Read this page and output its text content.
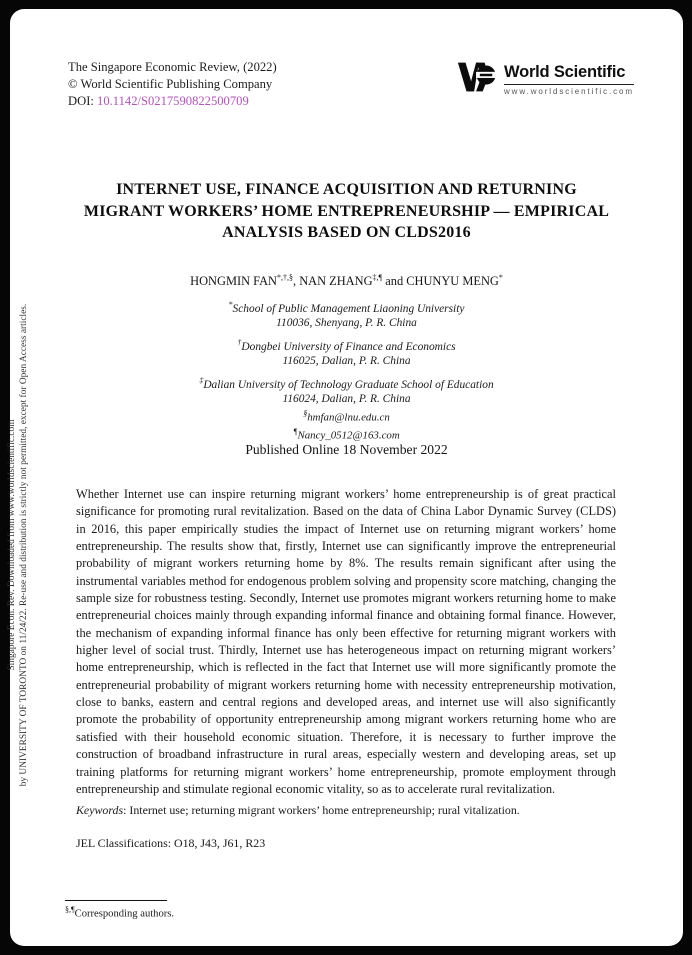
Singapore Econ. Rev. Downloaded from www.worldscientific.com by UNIVERSITY OF TORONTO on 11/24/22. Re-use and distribution is strictly not permitted, except for Open Access articles.
The Singapore Economic Review, (2022)
© World Scientific Publishing Company
DOI: 10.1142/S0217590822500709
World Scientific
www.worldscientific.com
INTERNET USE, FINANCE ACQUISITION AND RETURNING
MIGRANT WORKERS’ HOME ENTREPRENEURSHIP — EMPIRICAL
ANALYSIS BASED ON CLDS2016
HONGMIN FAN*,†,§, NAN ZHANG‡,¶ and CHUNYU MENG*
*School of Public Management Liaoning University
110036, Shenyang, P. R. China
†Dongbei University of Finance and Economics
116025, Dalian, P. R. China
‡Dalian University of Technology Graduate School of Education
116024, Dalian, P. R. China
§hmfan@lnu.edu.cn
¶Nancy_0512@163.com
Published Online 18 November 2022
Whether Internet use can inspire returning migrant workers’ home entrepreneurship is of great practical significance for promoting rural revitalization. Based on the data of China Labor Dynamic Survey (CLDS) in 2016, this paper empirically studies the impact of Internet use on returning migrant workers’ home entrepreneurship. The results show that, firstly, Internet use can significantly improve the entrepreneurial probability of migrant workers returning home by 8%. The results remain significant after using the instrumental variables method for endogenous problem solving and propensity score matching, changing the sample size for robustness testing. Secondly, Internet use promotes migrant workers returning home to make entrepreneurial choices mainly through expanding informal finance and obtaining formal finance. However, the mechanism of expanding informal finance has only been effective for returning migrant workers with higher level of social trust. Thirdly, Internet use has heterogeneous impact on returning migrant workers’ home entrepreneurship, which is reflected in the fact that Internet use will more significantly promote the entrepreneurial probability of migrant workers returning home with necessity entrepreneurship motivation, close to banks, eastern and central regions and developed areas, and internet use will also significantly promote the probability of opportunity entrepreneurship among migrant workers returning home who are satisfied with their household economic situation. Therefore, it is necessary to further improve the construction of broadband infrastructure in rural areas, especially western and developing areas, set up training platforms for returning migrant workers’ home entrepreneurship, promote employment through entrepreneurship and stimulate regional economic vitality, so as to accelerate rural revitalization.
Keywords: Internet use; returning migrant workers’ home entrepreneurship; rural vitalization.
JEL Classifications: O18, J43, J61, R23
§,¶Corresponding authors.
